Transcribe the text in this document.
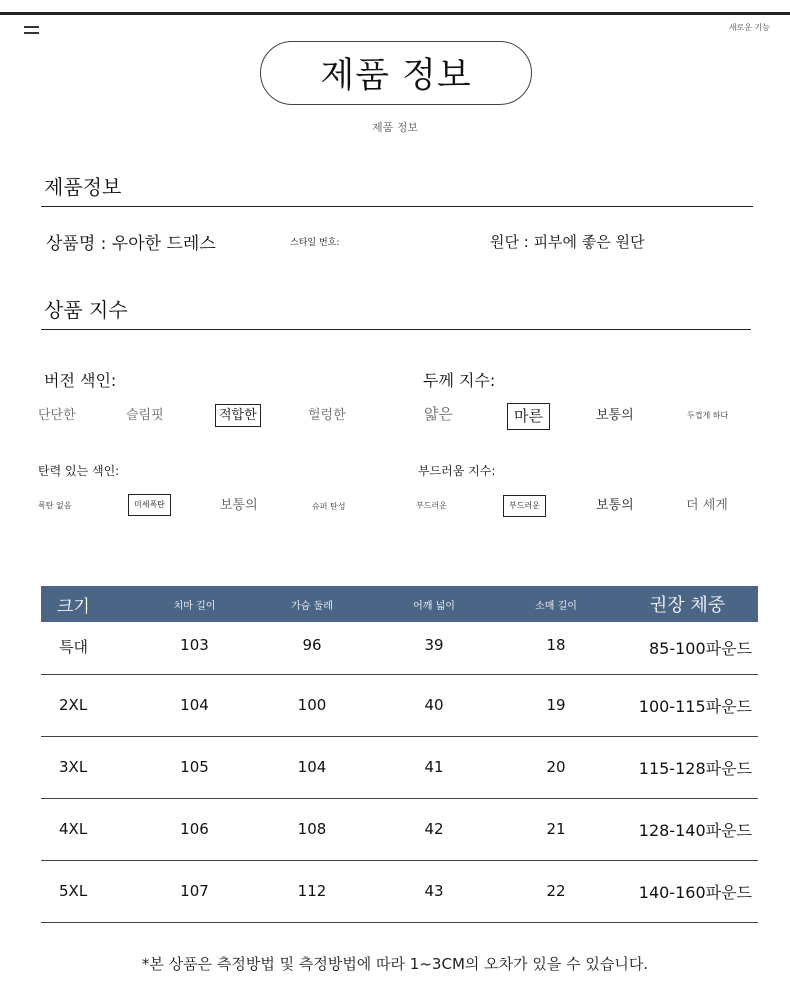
새로운 기능
제품 정보
제품 정보
제품정보
상품명 : 우아한 드레스	스타일 번호:	원단 : 피부에 좋은 원단
상품 지수
버전 색인:
단단한	슬림핏	적합한	헐렁한
두께 지수:
얇은	마른	보통의	두껍게 하다
탄력 있는 색인:
폭탄 없음	미세폭탄	보통의	슈퍼 탄성
부드러움 지수:
부드러운	부드러운	보통의	더 세게
크기	치마 길이	가슴 둘레	어깨 넓이	소매 길이	권장 체중
특대	103	96	39	18	85-100파운드
2XL	104	100	40	19	100-115파운드
3XL	105	104	41	20	115-128파운드
4XL	106	108	42	21	128-140파운드
5XL	107	112	43	22	140-160파운드
*본 상품은 측정방법 및 측정방법에 따라 1~3CM의 오차가 있을 수 있습니다.
